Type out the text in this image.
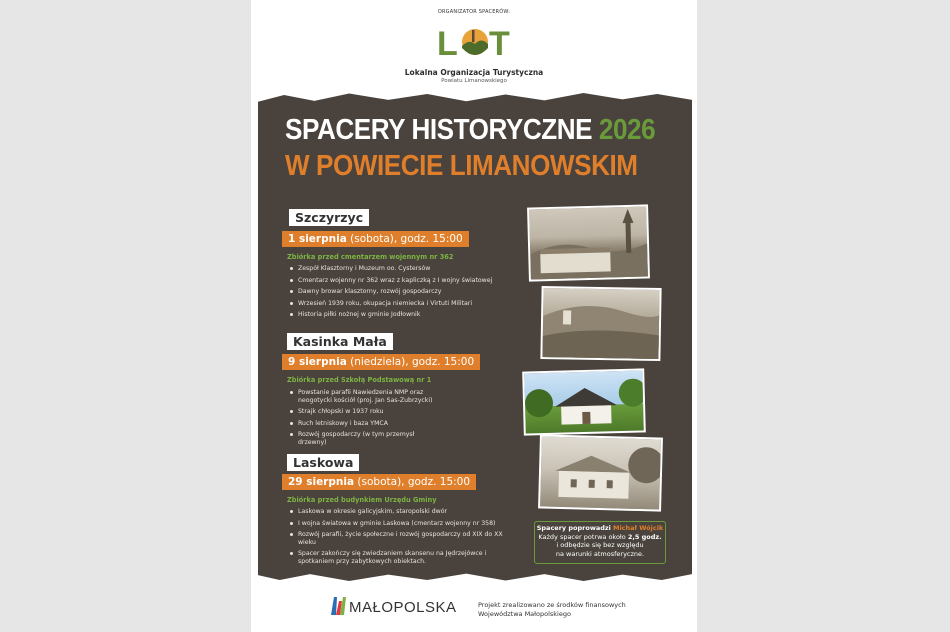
ORGANIZATOR SPACERÓW:
L T
Lokalna Organizacja Turystyczna
Powiatu Limanowskiego
SPACERY HISTORYCZNE 2026
W POWIECIE LIMANOWSKIM
Szczyrzyc
1 sierpnia (sobota), godz. 15:00
Zbiórka przed cmentarzem wojennym nr 362
Zespół Klasztorny i Muzeum oo. Cystersów
Cmentarz wojenny nr 362 wraz z kapliczką z I wojny światowej
Dawny browar klasztorny, rozwój gospodarczy
Wrzesień 1939 roku, okupacja niemiecka i Virtuti Militari
Historia piłki nożnej w gminie Jodłownik
Kasinka Mała
9 sierpnia (niedziela), godz. 15:00
Zbiórka przed Szkołą Podstawową nr 1
Powstanie parafii Nawiedzenia NMP oraz neogotycki kościół (proj. Jan Sas-Zubrzycki)
Strajk chłopski w 1937 roku
Ruch letniskowy i baza YMCA
Rozwój gospodarczy (w tym przemysł drzewny)
Laskowa
29 sierpnia (sobota), godz. 15:00
Zbiórka przed budynkiem Urzędu Gminy
Laskowa w okresie galicyjskim, staropolski dwór
I wojna światowa w gminie Laskowa (cmentarz wojenny nr 358)
Rozwój parafii, życie społeczne i rozwój gospodarczy od XIX do XX wieku
Spacer zakończy się zwiedzaniem skansenu na Jędrzejówce i spotkaniem przy zabytkowych obiektach.
Spacery poprowadzi Michał Wójcik
Każdy spacer potrwa około 2,5 godz.
i odbędzie się bez względu
na warunki atmosferyczne.
MAŁOPOLSKA	Projekt zrealizowano ze środków finansowych
Województwa Małopolskiego
